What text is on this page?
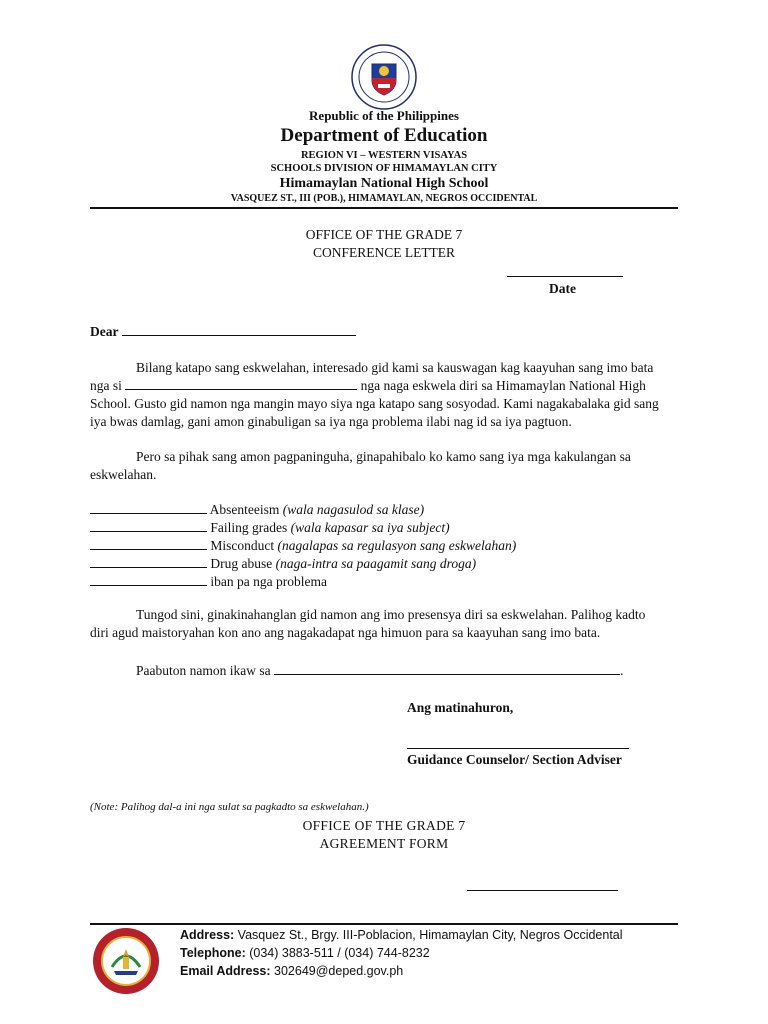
Republic of the Philippines
Department of Education
REGION VI – WESTERN VISAYAS
SCHOOLS DIVISION OF HIMAMAYLAN CITY
Himamaylan National High School
VASQUEZ ST., III (POB.), HIMAMAYLAN, NEGROS OCCIDENTAL
OFFICE OF THE GRADE 7
CONFERENCE LETTER
Date
Dear
Bilang katapo sang eskwelahan, interesado gid kami sa kauswagan kag kaayuhan sang imo bata
nga si	nga naga eskwela diri sa Himamaylan National High
School. Gusto gid namon nga mangin mayo siya nga katapo sang sosyodad. Kami nagakabalaka gid sang
iya bwas damlag, gani amon ginabuligan sa iya nga problema ilabi nag id sa iya pagtuon.
Pero sa pihak sang amon pagpaninguha, ginapahibalo ko kamo sang iya mga kakulangan sa
eskwelahan.
Absenteeism (wala nagasulod sa klase)
Failing grades (wala kapasar sa iya subject)
Misconduct (nagalapas sa regulasyon sang eskwelahan)
Drug abuse (naga-intra sa paagamit sang droga)
iban pa nga problema
Tungod sini, ginakinahanglan gid namon ang imo presensya diri sa eskwelahan. Palihog kadto
diri agud maistoryahan kon ano ang nagakadapat nga himuon para sa kaayuhan sang imo bata.
Paabuton namon ikaw sa	.
Ang matinahuron,
Guidance Counselor/ Section Adviser
(Note: Palihog dal-a ini nga sulat sa pagkadto sa eskwelahan.)
OFFICE OF THE GRADE 7
AGREEMENT FORM
Address: Vasquez St., Brgy. III-Poblacion, Himamaylan City, Negros Occidental
Telephone: (034) 3883-511 / (034) 744-8232
Email Address: 302649@deped.gov.ph
